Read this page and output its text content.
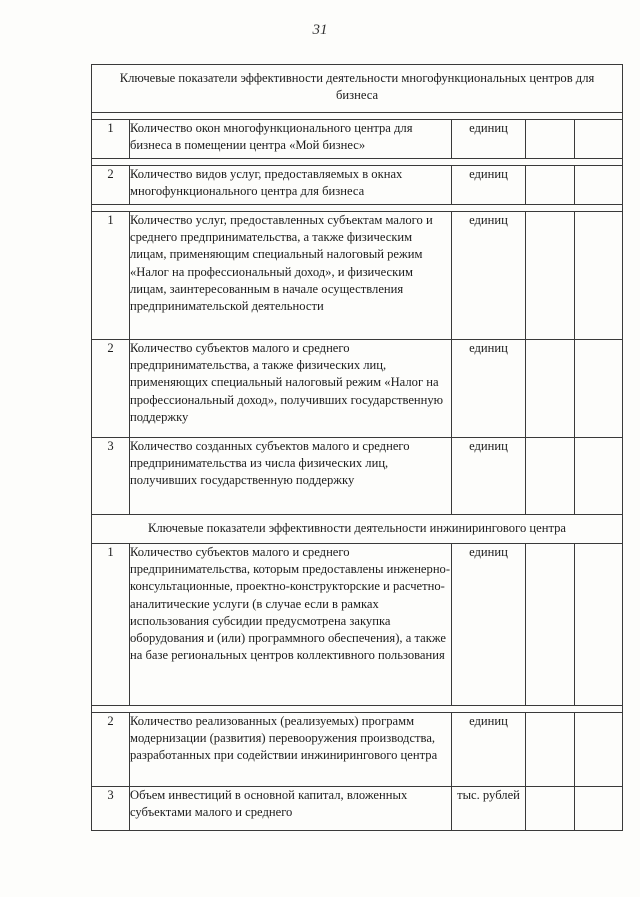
31
Ключевые показатели эффективности деятельности многофункциональных центров для бизнеса				

1	Количество окон многофункционального центра для бизнеса в помещении центра «Мой бизнес»	единиц		

2	Количество видов услуг, предоставляемых в окнах многофункционального центра для бизнеса	единиц		

1	Количество услуг, предоставленных субъектам малого и среднего предпринимательства, а также физическим лицам, применяющим специальный налоговый режим «Налог на профессиональный доход», и физическим лицам, заинтересованным в начале осуществления предпринимательской деятельности	единиц		
2	Количество субъектов малого и среднего предпринимательства, а также физических лиц, применяющих специальный налоговый режим «Налог на профессиональный доход», получивших государственную поддержку	единиц		
3	Количество созданных субъектов малого и среднего предпринимательства из числа физических лиц, получивших государственную поддержку	единиц		
Ключевые показатели эффективности деятельности инжинирингового центра				
1	Количество субъектов малого и среднего предпринимательства, которым предоставлены инженерно-консультационные, проектно-конструкторские и расчетно-аналитические услуги (в случае если в рамках использования субсидии предусмотрена закупка оборудования и (или) программного обеспечения), а также на базе региональных центров коллективного пользования	единиц		

2	Количество реализованных (реализуемых) программ модернизации (развития) перевооружения производства, разработанных при содействии инжинирингового центра	единиц		
3	Объем инвестиций в основной капитал, вложенных субъектами малого и среднего	тыс. рублей		
